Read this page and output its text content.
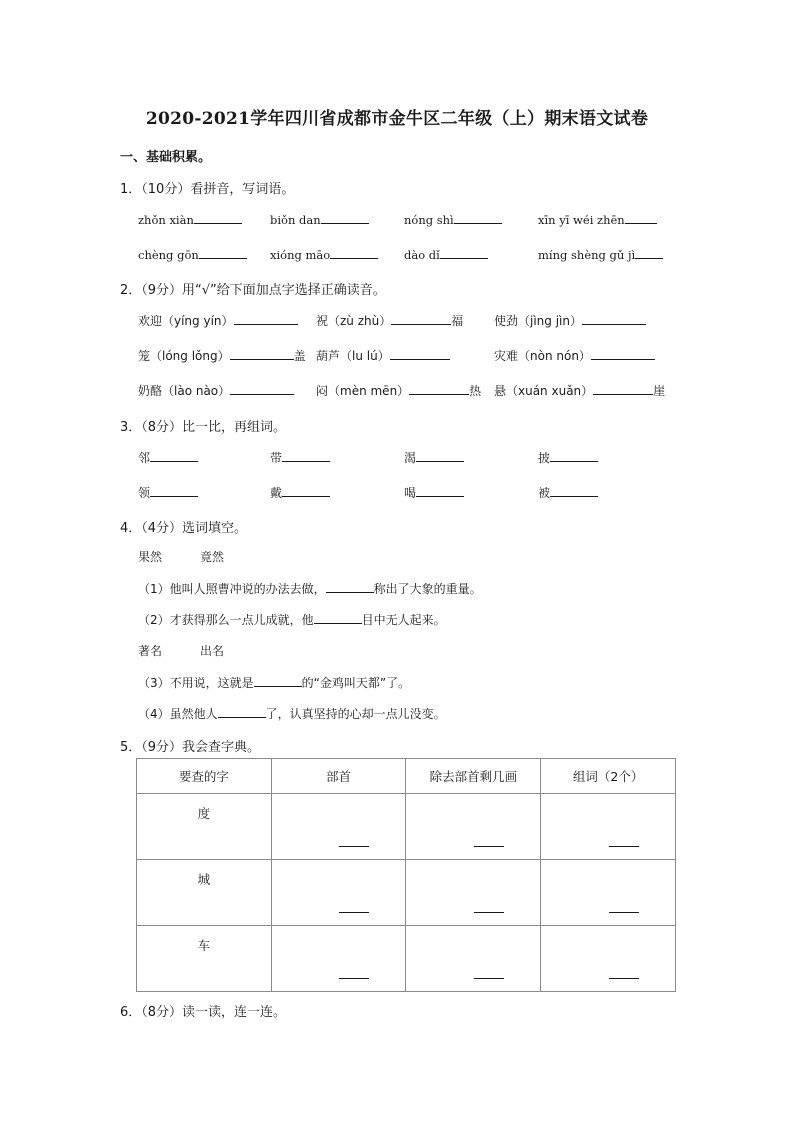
2020-2021学年四川省成都市金牛区二年级（上）期末语文试卷
一、基础积累。
1．（10分）看拼音，写词语。
zhǒn xiàn	biǒn dan	nóng shì	xīn yī wéi zhēn
chèng gōn	xióng māo	dào dǐ	míng shèng gǔ jì
2．（9分）用“√”给下面加点字选择正确读音。
欢迎（yíng yín）	祝（zù zhù）	福	使劲（jìng jìn）
笼（lóng lǒng）	盖 葫芦（lu lú）	灾难（nòn nón）
奶酪（lào nào）	闷（mèn mēn）	热 悬（xuán xuǎn）	崖
3．（8分）比一比，再组词。
邻	带	渴	披
领	戴	喝	被
4．（4分）选词填空。
果然	竟然
（1）他叫人照曹冲说的办法去做，	称出了大象的重量。
（2）才获得那么一点儿成就，他	目中无人起来。
著名	出名
（3）不用说，这就是	的“金鸡叫天都”了。
（4）虽然他人	了，认真坚持的心却一点儿没变。
5．（9分）我会查字典。
要查的字	部首	除去部首剩几画	组词（2个）

度			

城			

车			

6．（8分）读一读，连一连。
